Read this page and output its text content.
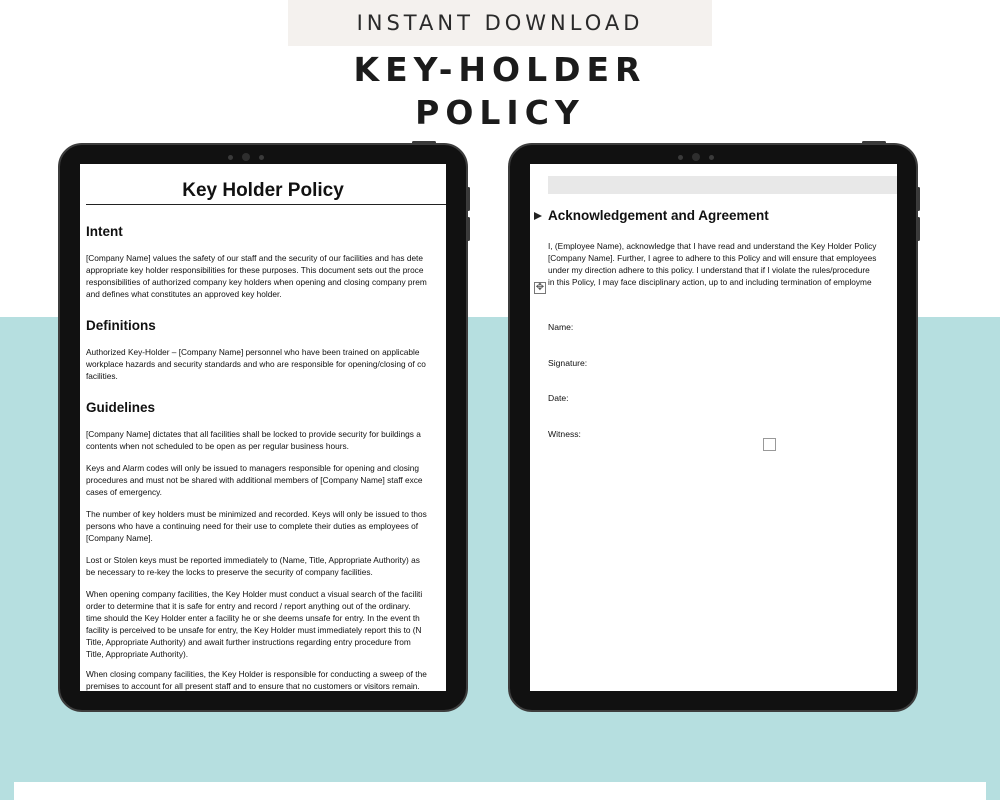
INSTANT DOWNLOAD
KEY-HOLDER
POLICY
Key Holder Policy
Intent
[Company Name] values the safety of our staff and the security of our facilities and has dete
appropriate key holder responsibilities for these purposes. This document sets out the proce
responsibilities of authorized company key holders when opening and closing company prem
and defines what constitutes an approved key holder.
Definitions
Authorized Key-Holder – [Company Name] personnel who have been trained on applicable
workplace hazards and security standards and who are responsible for opening/closing of co
facilities.
Guidelines
[Company Name] dictates that all facilities shall be locked to provide security for buildings a
contents when not scheduled to be open as per regular business hours.
Keys and Alarm codes will only be issued to managers responsible for opening and closing
procedures and must not be shared with additional members of [Company Name] staff exce
cases of emergency.
The number of key holders must be minimized and recorded. Keys will only be issued to thos
persons who have a continuing need for their use to complete their duties as employees of
[Company Name].
Lost or Stolen keys must be reported immediately to (Name, Title, Appropriate Authority) as
be necessary to re-key the locks to preserve the security of company facilities.
When opening company facilities, the Key Holder must conduct a visual search of the faciliti
order to determine that it is safe for entry and record / report anything out of the ordinary.
time should the Key Holder enter a facility he or she deems unsafe for entry. In the event th
facility is perceived to be unsafe for entry, the Key Holder must immediately report this to (N
Title, Appropriate Authority) and await further instructions regarding entry procedure from
Title, Appropriate Authority).
When closing company facilities, the Key Holder is responsible for conducting a sweep of the
premises to account for all present staff and to ensure that no customers or visitors remain.
Acknowledgement and Agreement
I, (Employee Name), acknowledge that I have read and understand the Key Holder Policy
[Company Name]. Further, I agree to adhere to this Policy and will ensure that employees
under my direction adhere to this policy. I understand that if I violate the rules/procedure
in this Policy, I may face disciplinary action, up to and including termination of employme
✥
Name:
Signature:
Date:
Witness:
